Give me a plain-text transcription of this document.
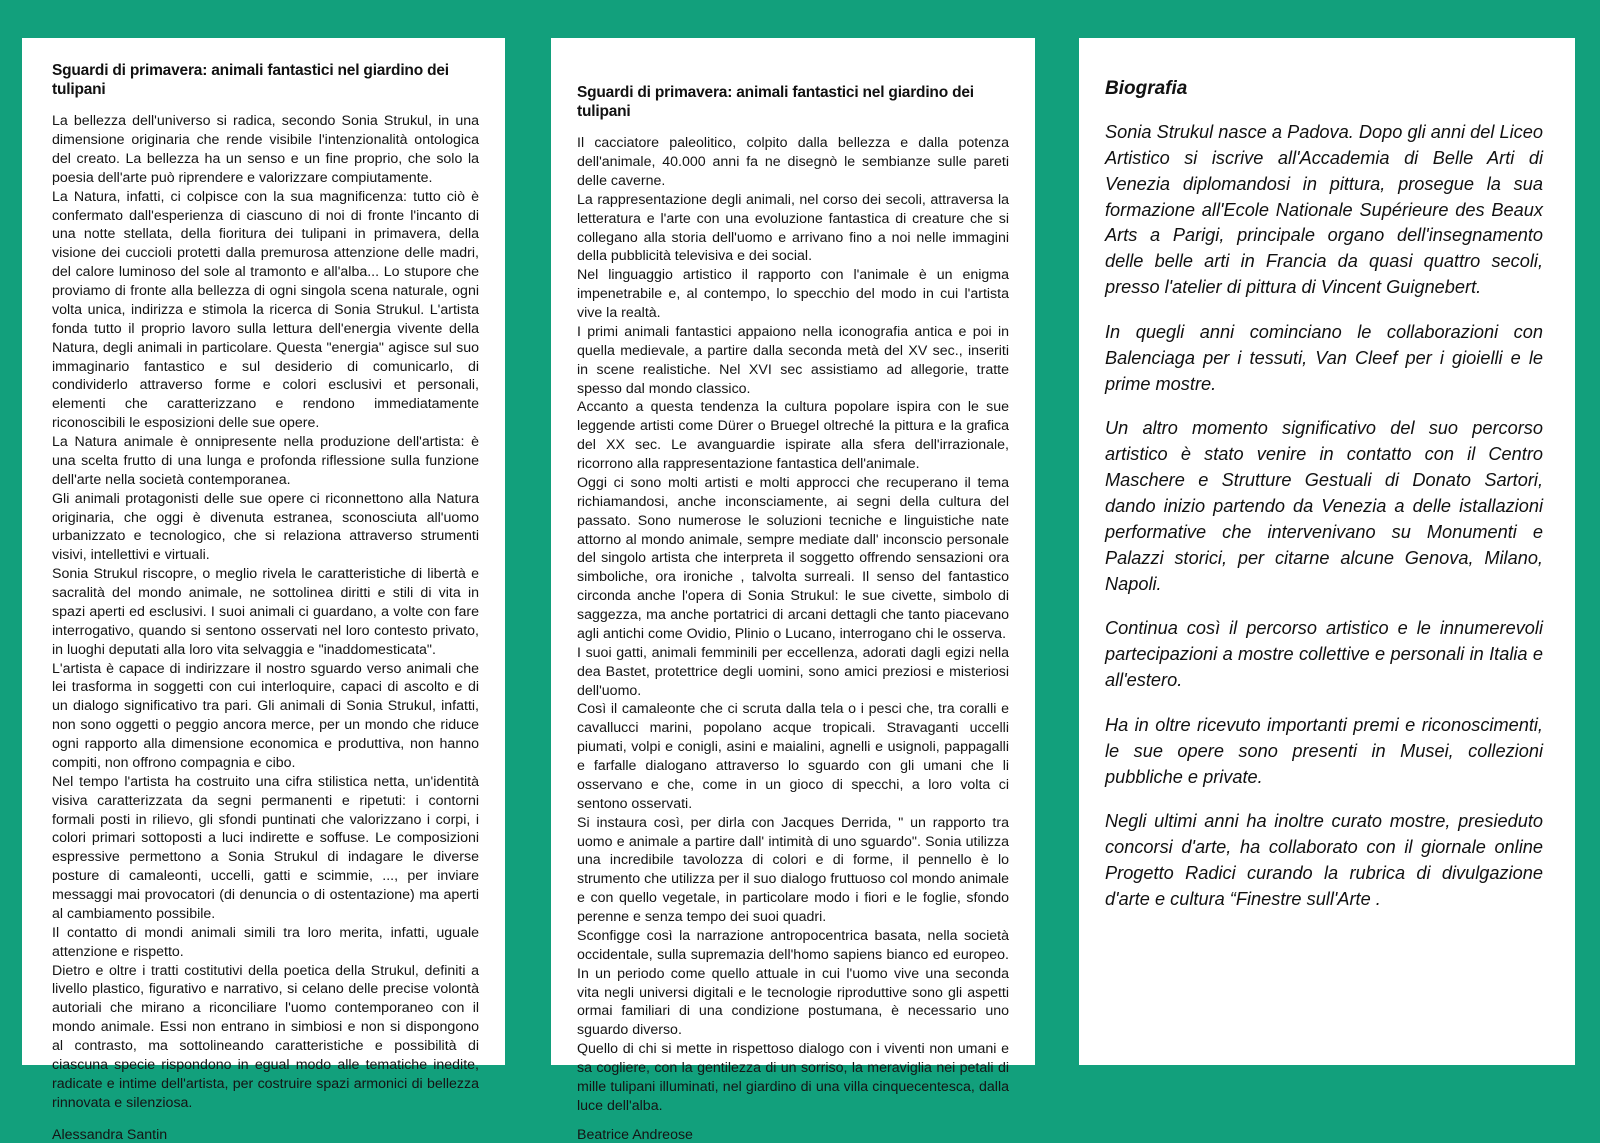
Sguardi di primavera: animali fantastici nel giardino dei tulipani

La bellezza dell'universo si radica, secondo Sonia Strukul, in una dimensione originaria che rende visibile l'intenzionalità ontologica del creato. La bellezza ha un senso e un fine proprio, che solo la poesia dell'arte può riprendere e valorizzare compiutamente.

La Natura, infatti, ci colpisce con la sua magnificenza: tutto ciò è confermato dall'esperienza di ciascuno di noi di fronte l'incanto di una notte stellata, della fioritura dei tulipani in primavera, della visione dei cuccioli protetti dalla premurosa attenzione delle madri, del calore luminoso del sole al tramonto e all'alba... Lo stupore che proviamo di fronte alla bellezza di ogni singola scena naturale, ogni volta unica, indirizza e stimola la ricerca di Sonia Strukul. L'artista fonda tutto il proprio lavoro sulla lettura dell'energia vivente della Natura, degli animali in particolare. Questa "energia" agisce sul suo immaginario fantastico e sul desiderio di comunicarlo, di condividerlo attraverso forme e colori esclusivi et personali, elementi che caratterizzano e rendono immediatamente riconoscibili le esposizioni delle sue opere.

La Natura animale è onnipresente nella produzione dell'artista: è una scelta frutto di una lunga e profonda riflessione sulla funzione dell'arte nella società contemporanea.

Gli animali protagonisti delle sue opere ci riconnettono alla Natura originaria, che oggi è divenuta estranea, sconosciuta all'uomo urbanizzato e tecnologico, che si relaziona attraverso strumenti visivi, intellettivi e virtuali.

Sonia Strukul riscopre, o meglio rivela le caratteristiche di libertà e sacralità del mondo animale, ne sottolinea diritti e stili di vita in spazi aperti ed esclusivi. I suoi animali ci guardano, a volte con fare interrogativo, quando si sentono osservati nel loro contesto privato, in luoghi deputati alla loro vita selvaggia e "inaddomesticata".

L'artista è capace di indirizzare il nostro sguardo verso animali che lei trasforma in soggetti con cui interloquire, capaci di ascolto e di un dialogo significativo tra pari. Gli animali di Sonia Strukul, infatti, non sono oggetti o peggio ancora merce, per un mondo che riduce ogni rapporto alla dimensione economica e produttiva, non hanno compiti, non offrono compagnia e cibo.

Nel tempo l'artista ha costruito una cifra stilistica netta, un'identità visiva caratterizzata da segni permanenti e ripetuti: i contorni formali posti in rilievo, gli sfondi puntinati che valorizzano i corpi, i colori primari sottoposti a luci indirette e soffuse. Le composizioni espressive permettono a Sonia Strukul di indagare le diverse posture di camaleonti, uccelli, gatti e scimmie, ..., per inviare messaggi mai provocatori (di denuncia o di ostentazione) ma aperti al cambiamento possibile.

Il contatto di mondi animali simili tra loro merita, infatti, uguale attenzione e rispetto.

Dietro e oltre i tratti costitutivi della poetica della Strukul, definiti a livello plastico, figurativo e narrativo, si celano delle precise volontà autoriali che mirano a riconciliare l'uomo contemporaneo con il mondo animale. Essi non entrano in simbiosi e non si dispongono al contrasto, ma sottolineando caratteristiche e possibilità di ciascuna specie rispondono in egual modo alle tematiche inedite, radicate e intime dell'artista, per costruire spazi armonici di bellezza rinnovata e silenziosa.

Alessandra Santin
Sguardi di primavera: animali fantastici nel giardino dei tulipani

Il cacciatore paleolitico, colpito dalla bellezza e dalla potenza dell'animale, 40.000 anni fa ne disegnò le sembianze sulle pareti delle caverne.

La rappresentazione degli animali, nel corso dei secoli, attraversa la letteratura e l'arte con una evoluzione fantastica di creature che si collegano alla storia dell'uomo e arrivano fino a noi nelle immagini della pubblicità televisiva e dei social.

Nel linguaggio artistico il rapporto con l'animale è un enigma impenetrabile e, al contempo, lo specchio del modo in cui l'artista vive la realtà.

I primi animali fantastici appaiono nella iconografia antica e poi in quella medievale, a partire dalla seconda metà del XV sec., inseriti in scene realistiche. Nel XVI sec assistiamo ad allegorie, tratte spesso dal mondo classico.

Accanto a questa tendenza la cultura popolare ispira con le sue leggende artisti come Dürer o Bruegel oltreché la pittura e la grafica del XX sec. Le avanguardie ispirate alla sfera dell'irrazionale, ricorrono alla rappresentazione fantastica dell'animale.

Oggi ci sono molti artisti e molti approcci che recuperano il tema richiamandosi, anche inconsciamente, ai segni della cultura del passato. Sono numerose le soluzioni tecniche e linguistiche nate attorno al mondo animale, sempre mediate dall' inconscio personale del singolo artista che interpreta il soggetto offrendo sensazioni ora simboliche, ora ironiche , talvolta surreali. Il senso del fantastico circonda anche l'opera di Sonia Strukul: le sue civette, simbolo di saggezza, ma anche portatrici di arcani dettagli che tanto piacevano agli antichi come Ovidio, Plinio o Lucano, interrogano chi le osserva.

I suoi gatti, animali femminili per eccellenza, adorati dagli egizi nella dea Bastet, protettrice degli uomini, sono amici preziosi e misteriosi dell'uomo.

Così il camaleonte che ci scruta dalla tela o i pesci che, tra coralli e cavallucci marini, popolano acque tropicali. Stravaganti uccelli piumati, volpi e conigli, asini e maialini, agnelli e usignoli, pappagalli e farfalle dialogano attraverso lo sguardo con gli umani che li osservano e che, come in un gioco di specchi, a loro volta ci sentono osservati.

Si instaura così, per dirla con Jacques Derrida, " un rapporto tra uomo e animale a partire dall' intimità di uno sguardo". Sonia utilizza una incredibile tavolozza di colori e di forme, il pennello è lo strumento che utilizza per il suo dialogo fruttuoso col mondo animale e con quello vegetale, in particolare modo i fiori e le foglie, sfondo perenne e senza tempo dei suoi quadri.

Sconfigge così la narrazione antropocentrica basata, nella società occidentale, sulla supremazia dell'homo sapiens bianco ed europeo. In un periodo come quello attuale in cui l'uomo vive una seconda vita negli universi digitali e le tecnologie riproduttive sono gli aspetti ormai familiari di una condizione postumana, è necessario uno sguardo diverso.

Quello di chi si mette in rispettoso dialogo con i viventi non umani e sa cogliere, con la gentilezza di un sorriso, la meraviglia nei petali di mille tulipani illuminati, nel giardino di una villa cinquecentesca, dalla luce dell'alba.

Beatrice Andreose
Biografia

Sonia Strukul nasce a Padova. Dopo gli anni del Liceo Artistico si iscrive all'Accademia di Belle Arti di Venezia diplomandosi in pittura, prosegue la sua formazione all'Ecole Nationale Supérieure des Beaux Arts a Parigi, principale organo dell'insegnamento delle belle arti in Francia da quasi quattro secoli, presso l'atelier di pittura di Vincent Guignebert.

In quegli anni cominciano le collaborazioni con Balenciaga per i tessuti, Van Cleef per i gioielli e le prime mostre.

Un altro momento significativo del suo percorso artistico è stato venire in contatto con il Centro Maschere e Strutture Gestuali di Donato Sartori, dando inizio partendo da Venezia a delle istallazioni performative che intervenivano su Monumenti e Palazzi storici, per citarne alcune Genova, Milano, Napoli.

Continua così il percorso artistico e le innumerevoli partecipazioni a mostre collettive e personali in Italia e all'estero.

Ha in oltre ricevuto importanti premi e riconoscimenti, le sue opere sono presenti in Musei, collezioni pubbliche e private.

Negli ultimi anni ha inoltre curato mostre, presieduto concorsi d'arte, ha collaborato con il giornale online Progetto Radici curando la rubrica di divulgazione d'arte e cultura “Finestre sull'Arte .
